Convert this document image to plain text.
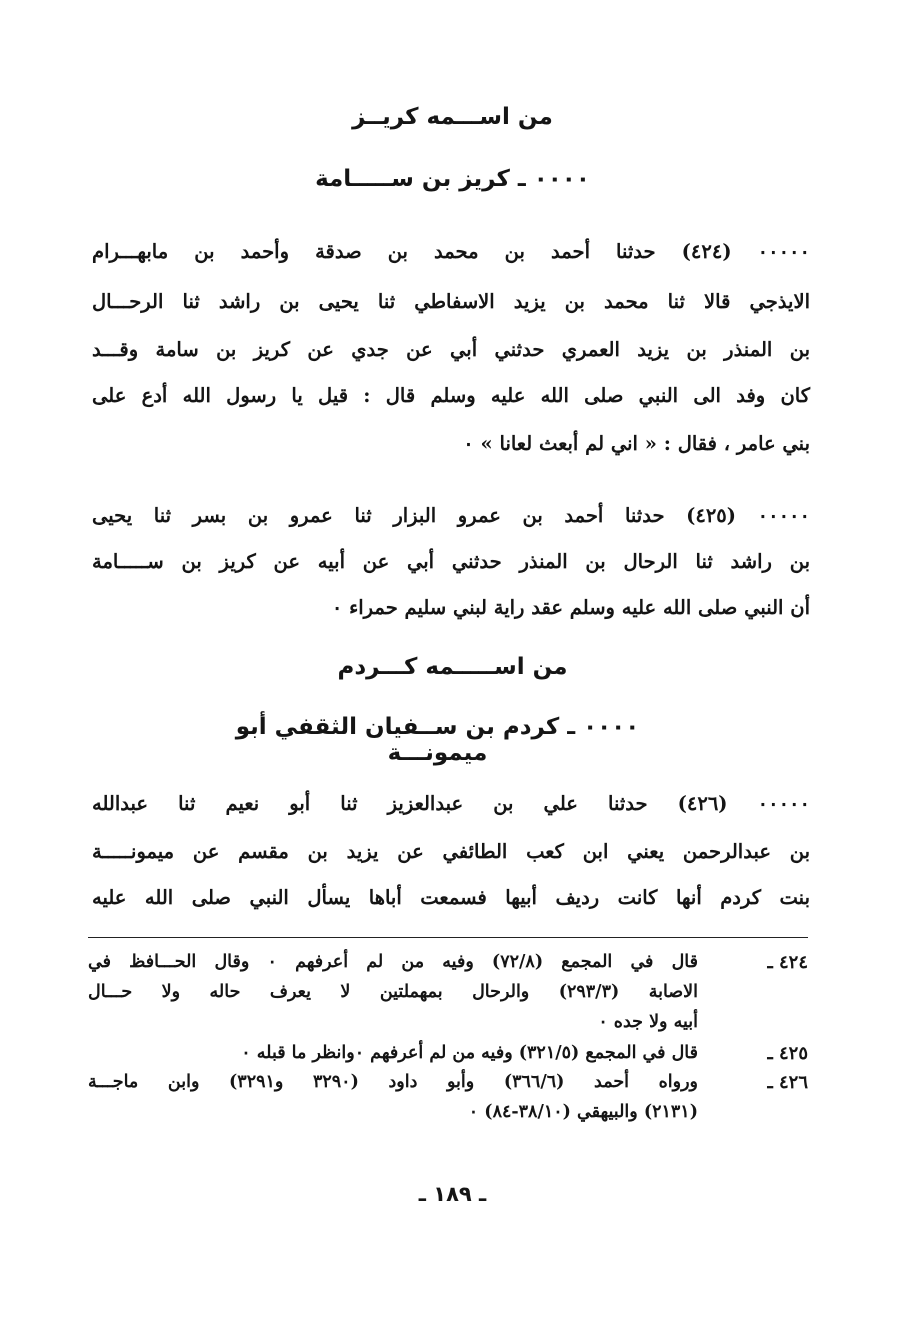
من اســـمه كريــز
٠٠٠٠ ـ كريز بن ســـــامة
٠٠٠٠٠ (٤٢٤) حدثنا أحمد بن محمد بن صدقة وأحمد بن مابهـــرام
الايذجي قالا ثنا محمد بن يزيد الاسفاطي ثنا يحيى بن راشد ثنا الرحـــال
بن المنذر بن يزيد العمري حدثني أبي عن جدي عن كريز بن سامة وقـــد
كان وفد الى النبي صلى الله عليه وسلم قال : قيل يا رسول الله أدع على
بني عامر ، فقال : « اني لم أبعث لعانا » ٠
٠٠٠٠٠ (٤٢٥) حدثنا أحمد بن عمرو البزار ثنا عمرو بن بسر ثنا يحيى
بن راشد ثنا الرحال بن المنذر حدثني أبي عن أبيه عن كريز بن ســـــامة
أن النبي صلى الله عليه وسلم عقد راية لبني سليم حمراء ٠
من اســـــمه كـــردم
٠٠٠٠ ـ كردم بن ســفيان الثقفي أبو ميمونـــة
٠٠٠٠٠ (٤٢٦) حدثنا علي بن عبدالعزيز ثنا أبو نعيم ثنا عبدالله
بن عبدالرحمن يعني ابن كعب الطائفي عن يزيد بن مقسم عن ميمونـــــة
بنت كردم أنها كانت رديف أبيها فسمعت أباها يسأل النبي صلى الله عليه
٤٢٤ ـ
قال في المجمع (٧٢/٨) وفيه من لم أعرفهم ٠ وقال الحـــافظ في
الاصابة (٢٩٣/٣) والرحال بمهملتين لا يعرف حاله ولا حـــال
أبيه ولا جده ٠
٤٢٥ ـ
قال في المجمع (٣٢١/٥) وفيه من لم أعرفهم ٠وانظر ما قبله ٠
٤٢٦ ـ
ورواه أحمد (٣٦٦/٦) وأبو داود (٣٢٩٠ و٣٢٩١) وابن ماجـــة
(٢١٣١) والبيهقي (٣٨/١٠-٨٤) ٠
ـ ١٨٩ ـ
